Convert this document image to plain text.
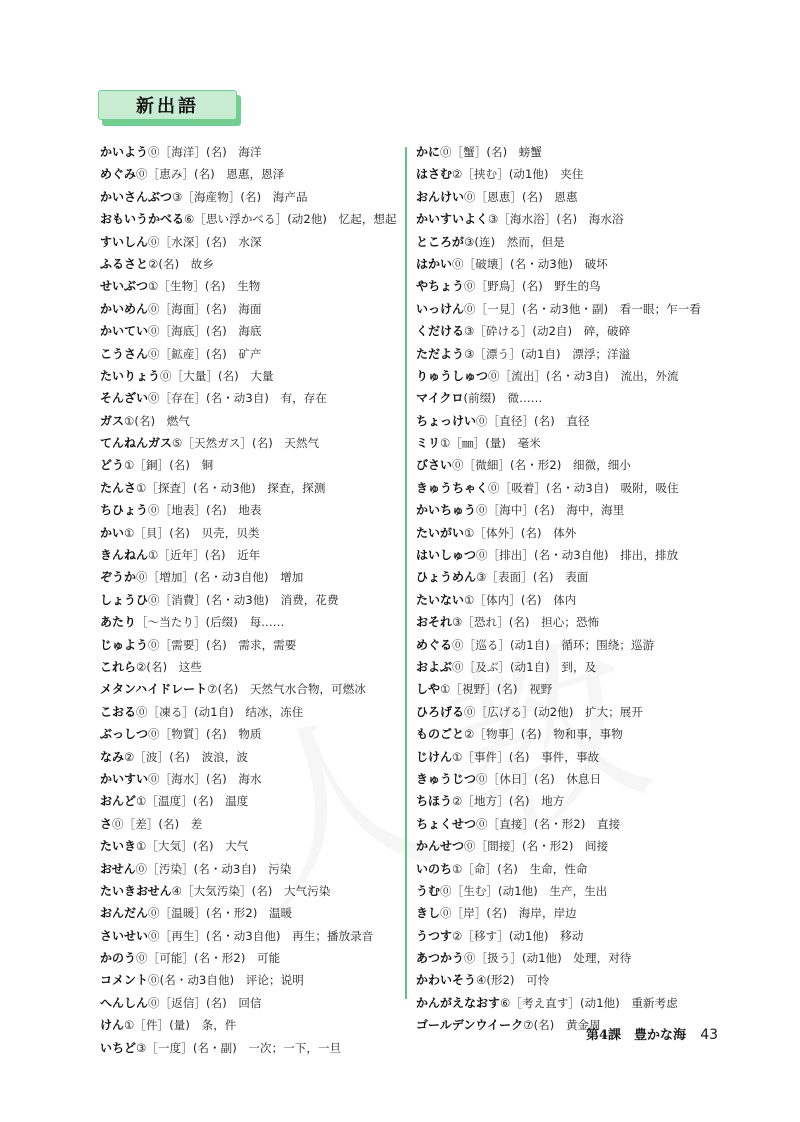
新出語
かいよう⓪［海洋］(名)　海洋
めぐみ⓪［恵み］(名)　恩惠，恩泽
かいさんぶつ③［海産物］(名)　海产品
おもいうかべる⑥［思い浮かべる］(动2他)　忆起，想起
すいしん⓪［水深］(名)　水深
ふるさと②(名)　故乡
せいぶつ①［生物］(名)　生物
かいめん⓪［海面］(名)　海面
かいてい⓪［海底］(名)　海底
こうさん⓪［鉱産］(名)　矿产
たいりょう⓪［大量］(名)　大量
そんざい⓪［存在］(名・动3自)　有，存在
ガス①(名)　燃气
てんねんガス⑤［天然ガス］(名)　天然气
どう①［銅］(名)　铜
たんさ①［探査］(名・动3他)　探查，探测
ちひょう⓪［地表］(名)　地表
かい①［貝］(名)　贝壳，贝类
きんねん①［近年］(名)　近年
ぞうか⓪［増加］(名・动3自他)　增加
しょうひ⓪［消費］(名・动3他)　消费，花费
あたり［～当たり］(后缀)　每……
じゅよう⓪［需要］(名)　需求，需要
これら②(名)　这些
メタンハイドレート⑦(名)　天然气水合物，可燃冰
こおる⓪［凍る］(动1自)　结冰，冻住
ぶっしつ⓪［物質］(名)　物质
なみ②［波］(名)　波浪，波
かいすい⓪［海水］(名)　海水
おんど①［温度］(名)　温度
さ⓪［差］(名)　差
たいき①［大気］(名)　大气
おせん⓪［汚染］(名・动3自)　污染
たいきおせん④［大気汚染］(名)　大气污染
おんだん⓪［温暖］(名・形2)　温暖
さいせい⓪［再生］(名・动3自他)　再生；播放录音
かのう⓪［可能］(名・形2)　可能
コメント⓪(名・动3自他)　评论；说明
へんしん⓪［返信］(名)　回信
けん①［件］(量)　条，件
いちど③［一度］(名・副)　一次；一下，一旦
かに⓪［蟹］(名)　螃蟹
はさむ②［挟む］(动1他)　夹住
おんけい⓪［恩恵］(名)　恩惠
かいすいよく③［海水浴］(名)　海水浴
ところが③(连)　然而，但是
はかい⓪［破壊］(名・动3他)　破坏
やちょう⓪［野鳥］(名)　野生的鸟
いっけん⓪［一見］(名・动3他・副)　看一眼；乍一看
くだける③［砕ける］(动2自)　碎，破碎
ただよう③［漂う］(动1自)　漂浮；洋溢
りゅうしゅつ⓪［流出］(名・动3自)　流出，外流
マイクロ(前缀)　微……
ちょっけい⓪［直径］(名)　直径
ミリ①［㎜］(量)　毫米
びさい⓪［微細］(名・形2)　细微，细小
きゅうちゃく⓪［吸着］(名・动3自)　吸附，吸住
かいちゅう⓪［海中］(名)　海中，海里
たいがい①［体外］(名)　体外
はいしゅつ⓪［排出］(名・动3自他)　排出，排放
ひょうめん③［表面］(名)　表面
たいない①［体内］(名)　体内
おそれ③［恐れ］(名)　担心；恐怖
めぐる⓪［巡る］(动1自)　循环；围绕；巡游
およぶ⓪［及ぶ］(动1自)　到，及
しや①［視野］(名)　视野
ひろげる⓪［広げる］(动2他)　扩大；展开
ものごと②［物事］(名)　物和事，事物
じけん①［事件］(名)　事件，事故
きゅうじつ⓪［休日］(名)　休息日
ちほう②［地方］(名)　地方
ちょくせつ⓪［直接］(名・形2)　直接
かんせつ⓪［間接］(名・形2)　间接
いのち①［命］(名)　生命，性命
うむ⓪［生む］(动1他)　生产，生出
きし⓪［岸］(名)　海岸，岸边
うつす②［移す］(动1他)　移动
あつかう⓪［扱う］(动1他)　处理，对待
かわいそう④(形2)　可怜
かんがえなおす⑥［考え直す］(动1他)　重新考虑
ゴールデンウイーク⑦(名)　黄金周
第4課　豊かな海 43
